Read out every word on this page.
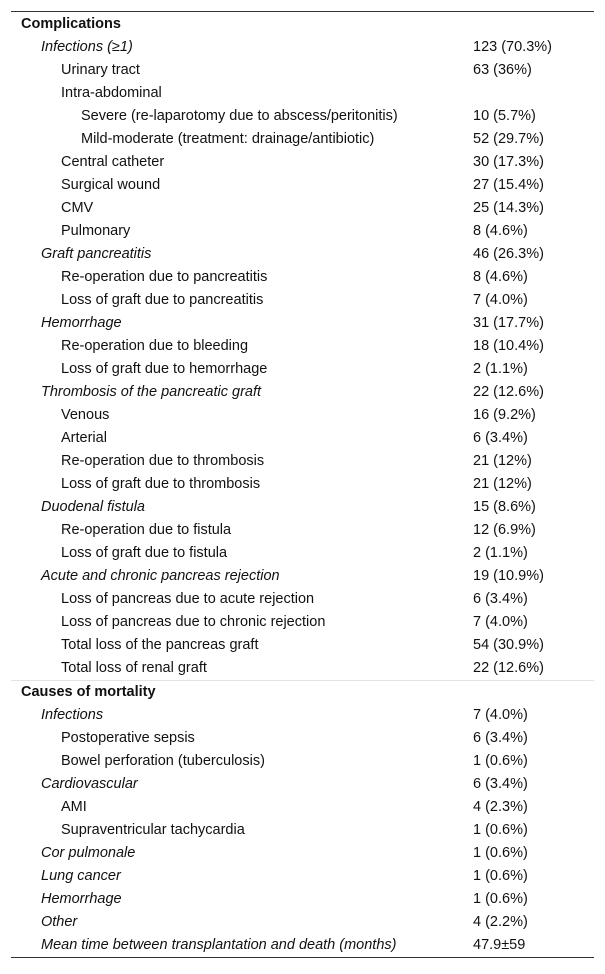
Complications
Infections (≥1)	123 (70.3%)
Urinary tract	63 (36%)
Intra-abdominal
Severe (re-laparotomy due to abscess/peritonitis)	10 (5.7%)
Mild-moderate (treatment: drainage/antibiotic)	52 (29.7%)
Central catheter	30 (17.3%)
Surgical wound	27 (15.4%)
CMV	25 (14.3%)
Pulmonary	8 (4.6%)
Graft pancreatitis	46 (26.3%)
Re-operation due to pancreatitis	8 (4.6%)
Loss of graft due to pancreatitis	7 (4.0%)
Hemorrhage	31 (17.7%)
Re-operation due to bleeding	18 (10.4%)
Loss of graft due to hemorrhage	2 (1.1%)
Thrombosis of the pancreatic graft	22 (12.6%)
Venous	16 (9.2%)
Arterial	6 (3.4%)
Re-operation due to thrombosis	21 (12%)
Loss of graft due to thrombosis	21 (12%)
Duodenal fistula	15 (8.6%)
Re-operation due to fistula	12 (6.9%)
Loss of graft due to fistula	2 (1.1%)
Acute and chronic pancreas rejection	19 (10.9%)
Loss of pancreas due to acute rejection	6 (3.4%)
Loss of pancreas due to chronic rejection	7 (4.0%)
Total loss of the pancreas graft	54 (30.9%)
Total loss of renal graft	22 (12.6%)
Causes of mortality
Infections	7 (4.0%)
Postoperative sepsis	6 (3.4%)
Bowel perforation (tuberculosis)	1 (0.6%)
Cardiovascular	6 (3.4%)
AMI	4 (2.3%)
Supraventricular tachycardia	1 (0.6%)
Cor pulmonale	1 (0.6%)
Lung cancer	1 (0.6%)
Hemorrhage	1 (0.6%)
Other	4 (2.2%)
Mean time between transplantation and death (months)	47.9±59
